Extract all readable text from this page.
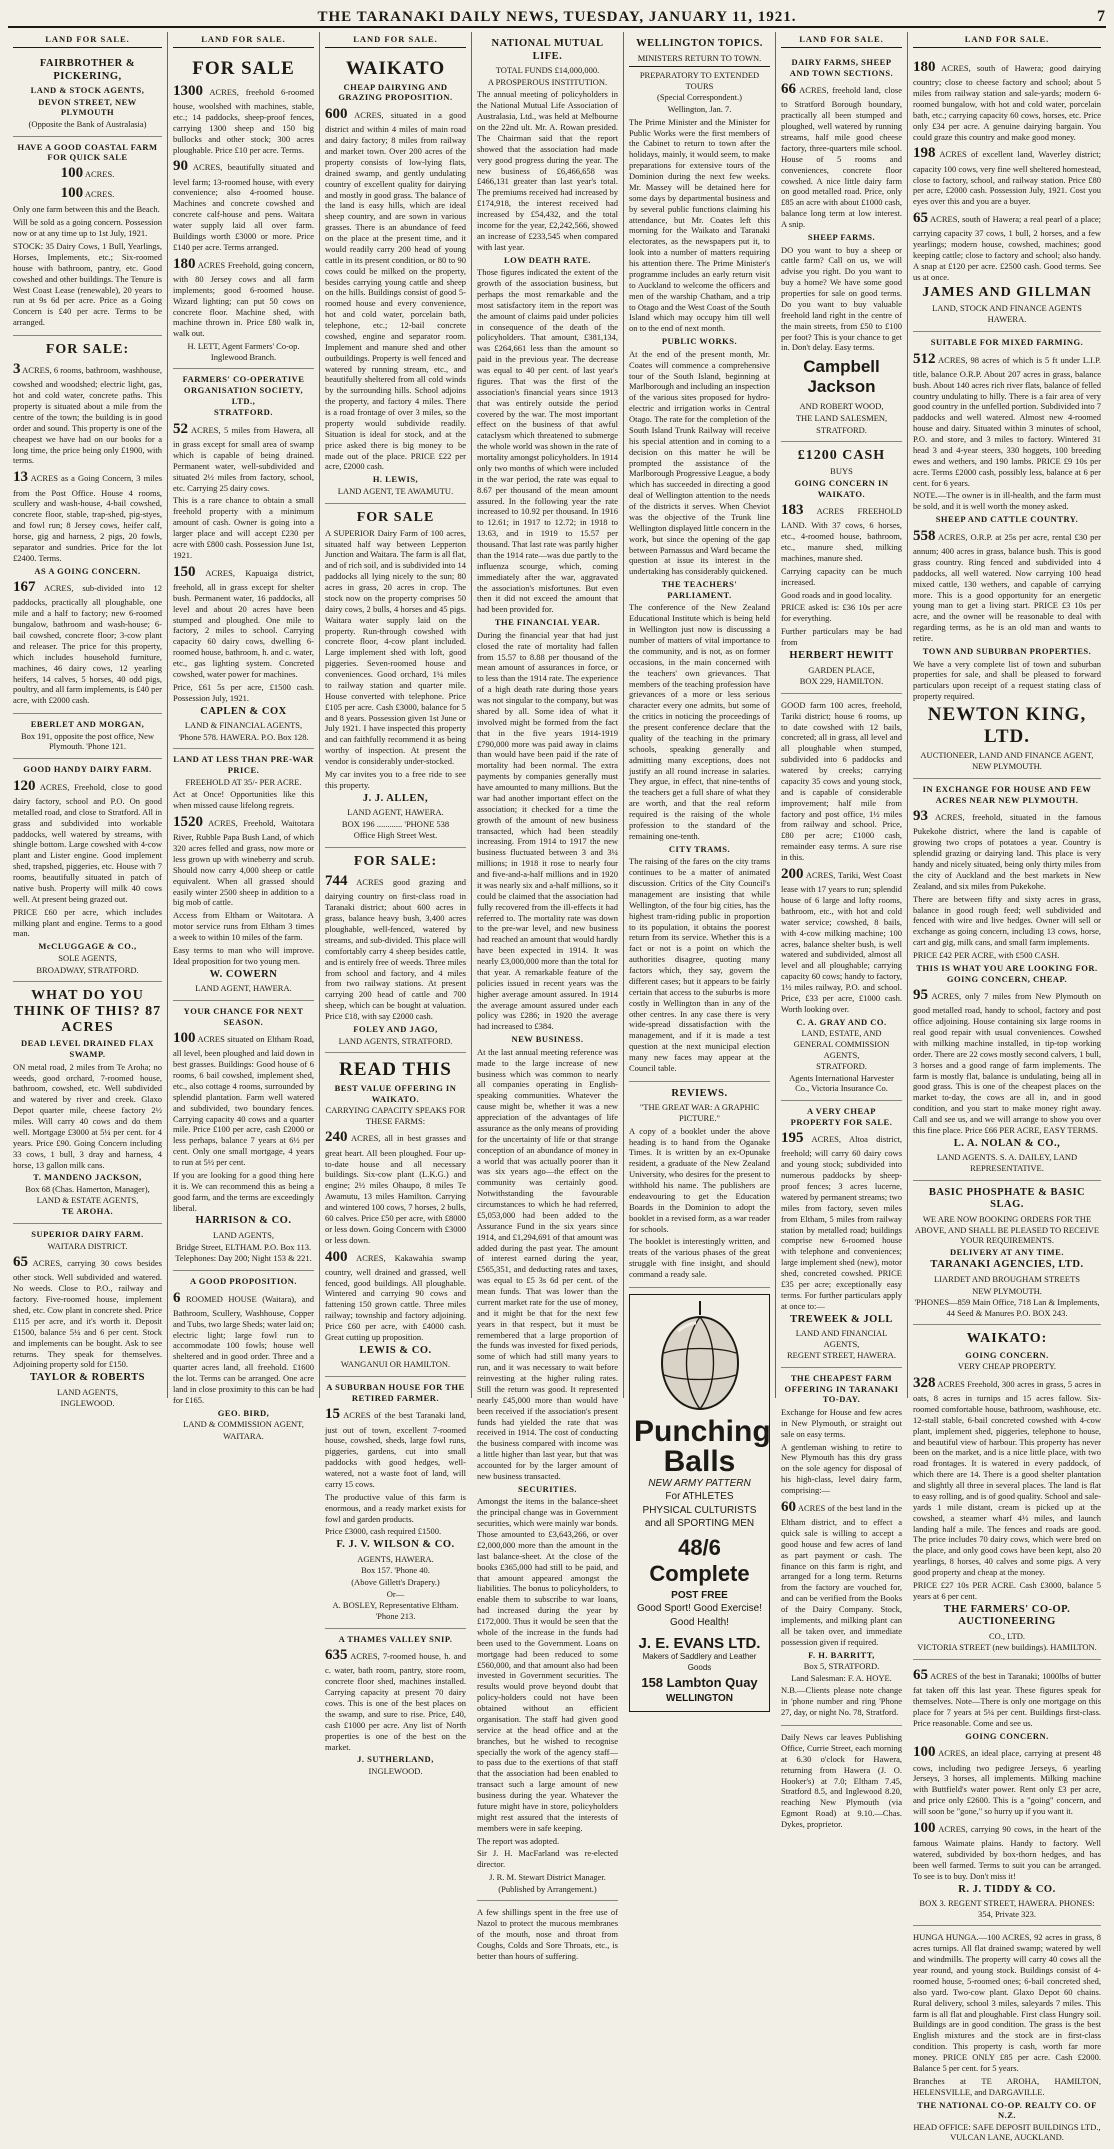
THE TARANAKI DAILY NEWS, TUESDAY, JANUARY 11, 1921.	7
LAND FOR SALE.
FAIRBROTHER & PICKERING,
LAND & STOCK AGENTS,
DEVON STREET, NEW PLYMOUTH
(Opposite the Bank of Australasia)
HAVE A GOOD COASTAL FARM FOR QUICK SALE
100 ACRES.
100 ACRES.
Only one farm between this and the Beach.
Will be sold as a going concern. Possession now or at any time up to 1st July, 1921.
STOCK: 35 Dairy Cows, 1 Bull, Yearlings, Horses, Implements, etc.; Six-roomed house with bathroom, pantry, etc. Good cowshed and other buildings. The Tenure is West Coast Lease (renewable), 20 years to run at 9s 6d per acre. Price as a Going Concern is £40 per acre. Terms to be arranged.
FOR SALE:
3 ACRES, 6 rooms, bathroom, washhouse, cowshed and woodshed; electric light, gas, hot and cold water, concrete paths. This property is situated about a mile from the centre of the town; the building is in good order and sound. This property is one of the cheapest we have had on our books for a long time, the price being only £1900, with terms.
13 ACRES as a Going Concern, 3 miles from the Post Office. House 4 rooms, scullery and wash-house, 4-bail cowshed, concrete floor, stable, trap-shed, pig-styes, and fowl run; 8 Jersey cows, heifer calf, horse, gig and harness, 2 pigs, 20 fowls, separator and sundries. Price for the lot £2400. Terms.
AS A GOING CONCERN.
167 ACRES, sub-divided into 12 paddocks, practically all ploughable, one mile and a half to factory; new 6-roomed bungalow, bathroom and wash-house; 6-bail cowshed, concrete floor; 3-cow plant and releaser. The price for this property, which includes household furniture, machines, 46 dairy cows, 12 yearling heifers, 14 calves, 5 horses, 40 odd pigs, poultry, and all farm implements, is £40 per acre, with £2000 cash.
EBERLET AND MORGAN,
Box 191, opposite the post office, New Plymouth. 'Phone 121.
GOOD HANDY DAIRY FARM.
120 ACRES, Freehold, close to good dairy factory, school and P.O. On good metalled road, and close to Stratford. All in grass and subdivided into workable paddocks, well watered by streams, with shingle bottom. Large cowshed with 4-cow plant and Lister engine. Good implement shed, trapshed, piggeries, etc. House with 7 rooms, beautifully situated in patch of native bush. Property will milk 40 cows well. At present being grazed out.
PRICE £60 per acre, which includes milking plant and engine. Terms to a good man.
McCLUGGAGE & CO.,
SOLE AGENTS,
BROADWAY, STRATFORD.
WHAT DO YOU THINK OF THIS? 87 ACRES
DEAD LEVEL DRAINED FLAX SWAMP.
ON metal road, 2 miles from Te Aroha; no weeds, good orchard, 7-roomed house, bathroom, cowshed, etc. Well subdivided and watered by river and creek. Glaxo Depot quarter mile, cheese factory 2½ miles. Will carry 40 cows and do them well. Mortgage £3000 at 5¼ per cent. for 4 years. Price £90. Going Concern including 33 cows, 1 bull, 3 dray and harness, 4 horse, 13 gallon milk cans.
T. MANDENO JACKSON,
Box 68 (Chas. Hamerton, Manager), LAND & ESTATE AGENTS,
TE AROHA.
SUPERIOR DAIRY FARM.
WAITARA DISTRICT.
65 ACRES, carrying 30 cows besides other stock. Well subdivided and watered. No weeds. Close to P.O., railway and factory. Five-roomed house, implement shed, etc. Cow plant in concrete shed. Price £115 per acre, and it's worth it. Deposit £1500, balance 5¼ and 6 per cent. Stock and implements can be bought. Ask to see returns. They speak for themselves. Adjoining property sold for £150.
TAYLOR & ROBERTS
LAND AGENTS,
INGLEWOOD.
LAND FOR SALE.
FOR SALE
1300 ACRES, freehold 6-roomed house, woolshed with machines, stable, etc.; 14 paddocks, sheep-proof fences, carrying 1300 sheep and 150 big bullocks and other stock; 300 acres ploughable. Price £10 per acre. Terms.
90 ACRES, beautifully situated and level farm; 13-roomed house, with every convenience; also 4-roomed house. Machines and concrete cowshed and concrete calf-house and pens. Waitara water supply laid all over farm. Buildings worth £3000 or more. Price £140 per acre. Terms arranged.
180 ACRES Freehold, going concern, with 80 Jersey cows and all farm implements; good 6-roomed house. Wizard lighting; can put 50 cows on concrete floor. Machine shed, with machine thrown in. Price £80 walk in, walk out.
H. LETT, Agent Farmers' Co-op. Inglewood Branch.
FARMERS' CO-OPERATIVE ORGANISATION SOCIETY, LTD.,
STRATFORD.
52 ACRES, 5 miles from Hawera, all in grass except for small area of swamp which is capable of being drained. Permanent water, well-subdivided and situated 2½ miles from factory, school, etc. Carrying 25 dairy cows.
This is a rare chance to obtain a small freehold property with a minimum amount of cash. Owner is going into a larger place and will accept £230 per acre with £800 cash. Possession June 1st, 1921.
150 ACRES, Kapuaiga district, freehold, all in grass except for shelter bush. Permanent water, 16 paddocks, all level and about 20 acres have been stumped and ploughed. One mile to factory, 2 miles to school. Carrying capacity 60 dairy cows, dwelling 6-roomed house, bathroom, h. and c. water, etc., gas lighting system. Concreted cowshed, water power for machines.
Price, £61 5s per acre, £1500 cash. Possession July, 1921.
CAPLEN & COX
LAND & FINANCIAL AGENTS,
'Phone 578. HAWERA. P.O. Box 128.
LAND AT LESS THAN PRE-WAR PRICE.
FREEHOLD AT 35/- PER ACRE.
Act at Once! Opportunities like this when missed cause lifelong regrets.
1520 ACRES, Freehold, Waitotara River, Rubble Papa Bush Land, of which 320 acres felled and grass, now more or less grown up with wineberry and scrub. Should now carry 4,000 sheep or cattle equivalent. When all grassed should easily winter 2500 sheep in addition to a big mob of cattle.
Access from Eltham or Waitotara. A motor service runs from Eltham 3 times a week to within 10 miles of the farm.
Easy terms to man who will improve. Ideal proposition for two young men.
W. COWERN
LAND AGENT, HAWERA.
YOUR CHANCE FOR NEXT SEASON.
100 ACRES situated on Eltham Road, all level, been ploughed and laid down in best grasses. Buildings: Good house of 6 rooms, 6 bail cowshed, implement shed, etc., also cottage 4 rooms, surrounded by splendid plantation. Farm well watered and subdivided, two boundary fences. Carrying capacity 40 cows and a quarter mile. Price £100 per acre, cash £2000 or less perhaps, balance 7 years at 6½ per cent. Only one small mortgage, 4 years to run at 5½ per cent.
If you are looking for a good thing here it is. We can recommend this as being a good farm, and the terms are exceedingly liberal.
HARRISON & CO.
LAND AGENTS,
Bridge Street, ELTHAM. P.O. Box 113.
Telephones: Day 200; Night 153 & 221.
A GOOD PROPOSITION.
6 ROOMED HOUSE (Waitara), and Bathroom, Scullery, Washhouse, Copper and Tubs, two large Sheds; water laid on; electric light; large fowl run to accommodate 100 fowls; house well sheltered and in good order. Three and a quarter acres land, all freehold. £1600 the lot. Terms can be arranged. One acre land in close proximity to this can be had for £165.
GEO. BIRD,
LAND & COMMISSION AGENT,
WAITARA.
LAND FOR SALE.
WAIKATO
CHEAP DAIRYING AND GRAZING PROPOSITION.
600 ACRES, situated in a good district and within 4 miles of main road and dairy factory; 8 miles from railway and market town. Over 200 acres of the property consists of low-lying flats, drained swamp, and gently undulating country of excellent quality for dairying and mostly in good grass. The balance of the land is easy hills, which are ideal sheep country, and are sown in various grasses. There is an abundance of feed on the place at the present time, and it would readily carry 200 head of young cattle in its present condition, or 80 to 90 cows could be milked on the property, besides carrying young cattle and sheep on the hills. Buildings consist of good 5-roomed house and every convenience, hot and cold water, porcelain bath, telephone, etc.; 12-bail concrete cowshed, engine and separator room. Implement and manure shed and other outbuildings. Property is well fenced and watered by running stream, etc., and beautifully sheltered from all cold winds by the surrounding hills. School adjoins the property, and factory 4 miles. There is a road frontage of over 3 miles, so the property would subdivide readily. Situation is ideal for stock, and at the price asked there is big money to be made out of the place. PRICE £22 per acre, £2000 cash.
H. LEWIS,
LAND AGENT, TE AWAMUTU.
FOR SALE
A SUPERIOR Dairy Farm of 100 acres, situated half way between Lepperton Junction and Waitara. The farm is all flat, and of rich soil, and is subdivided into 14 paddocks all lying nicely to the sun; 80 acres in grass, 20 acres in crop. The stock now on the property comprises 50 dairy cows, 2 bulls, 4 horses and 45 pigs. Waitara water supply laid on the property. Run-through cowshed with concrete floor, 4-cow plant included. Large implement shed with loft, good piggeries. Seven-roomed house and conveniences. Good orchard, 1¼ miles to railway station and quarter mile. House converted with telephone. Price £105 per acre. Cash £3000, balance for 5 and 8 years. Possession given 1st June or July 1921. I have inspected this property and can faithfully recommend it as being worthy of inspection. At present the vendor is considerably under-stocked.
My car invites you to a free ride to see this property.
J. J. ALLEN,
LAND AGENT, HAWERA.
BOX 196 ............ 'PHONE 538
Office High Street West.
FOR SALE:
744 ACRES good grazing and dairying country on first-class road in Taranaki district; about 600 acres in grass, balance heavy bush, 3,400 acres ploughable, well-fenced, watered by streams, and sub-divided. This place will comfortably carry 4 sheep besides cattle, and is entirely free of weeds. Three miles from school and factory, and 4 miles from two railway stations. At present carrying 200 head of cattle and 700 sheep, which can be bought at valuation. Price £18, with say £2000 cash.
FOLEY AND JAGO,
LAND AGENTS, STRATFORD.
READ THIS
BEST VALUE OFFERING IN WAIKATO.
CARRYING CAPACITY SPEAKS FOR THESE FARMS:
240 ACRES, all in best grasses and great heart. All been ploughed. Four up-to-date house and all necessary buildings. Six-cow plant (L.K.G.) and engine; 2½ miles Ohaupo, 8 miles Te Awamutu, 13 miles Hamilton. Carrying and wintered 100 cows, 7 horses, 2 bulls, 60 calves. Price £50 per acre, with £8000 or less down. Going Concern with £3000 or less down.
400 ACRES, Kakawahia swamp country, well drained and grassed, well fenced, good buildings. All ploughable. Wintered and carrying 90 cows and fattening 150 grown cattle. Three miles railway; township and factory adjoining. Price £60 per acre, with £4000 cash. Great cutting up proposition.
LEWIS & CO.
WANGANUI OR HAMILTON.
A SUBURBAN HOUSE FOR THE RETIRED FARMER.
15 ACRES of the best Taranaki land, just out of town, excellent 7-roomed house, cowshed, sheds, large fowl runs, piggeries, gardens, cut into small paddocks with good hedges, well-watered, not a waste foot of land, will carry 15 cows.
The productive value of this farm is enormous, and a ready market exists for fowl and garden products.
Price £3000, cash required £1500.
F. J. V. WILSON & CO.
AGENTS, HAWERA.
Box 157. 'Phone 40.
(Above Gillett's Drapery.)
Or—
A. BOSLEY, Representative Eltham. 'Phone 213.
A THAMES VALLEY SNIP.
635 ACRES, 7-roomed house, h. and c. water, bath room, pantry, store room, concrete floor shed, machines installed. Carrying capacity at present 70 dairy cows. This is one of the best places on the swamp, and sure to rise. Price, £40, cash £1000 per acre. Any list of North properties is one of the best on the market.
J. SUTHERLAND,
INGLEWOOD.
NATIONAL MUTUAL LIFE.
TOTAL FUNDS £14,000,000.
A PROSPEROUS INSTITUTION.
The annual meeting of policyholders in the National Mutual Life Association of Australasia, Ltd., was held at Melbourne on the 22nd ult. Mr. A. Rowan presided. The Chairman said that the report showed that the association had made very good progress during the year. The new business of £6,466,658 was £466,131 greater than last year's total. The premiums received had increased by £174,918, the interest received had increased by £54,432, and the total income for the year, £2,242,566, showed an increase of £233,545 when compared with last year.
LOW DEATH RATE.
Those figures indicated the extent of the growth of the association business, but perhaps the most remarkable and the most satisfactory item in the report was the amount of claims paid under policies in consequence of the death of the policyholders. That amount, £381,134, was £264,661 less than the amount so paid in the previous year. The decrease was equal to 40 per cent. of last year's figures. That was the first of the association's financial years since 1913 that was entirely outside the period covered by the war. The most important effect on the business of that awful cataclysm which threatened to submerge the whole world was shown in the rate of mortality amongst policyholders. In 1914 only two months of which were included in the war period, the rate was equal to 8.67 per thousand of the mean amount assured. In the following year the rate increased to 10.92 per thousand. In 1916 to 12.61; in 1917 to 12.72; in 1918 to 13.63, and in 1919 to 15.57 per thousand. That last rate was partly higher than the 1914 rate—was due partly to the influenza scourge, which, coming immediately after the war, aggravated the association's misfortunes. But even then it did not exceed the amount that had been provided for.
THE FINANCIAL YEAR.
During the financial year that had just closed the rate of mortality had fallen from 15.57 to 8.88 per thousand of the mean amount of assurances in force, or to less than the 1914 rate. The experience of a high death rate during those years was not singular to the company, but was shared by all. Some idea of what it involved might be formed from the fact that in the five years 1914-1919 £790,000 more was paid away in claims than would have been paid if the rate of mortality had been normal. The extra payments by companies generally must have amounted to many millions. But the war had another important effect on the association; it checked for a time the growth of the amount of new business transacted, which had been steadily increasing. From 1914 to 1917 the new business fluctuated between 3 and 3¼ millions; in 1918 it rose to nearly four and five-and-a-half millions and in 1920 it was nearly six and a-half millions, so it could be claimed that the association had fully recovered from the ill-effects it had referred to. The mortality rate was down to the pre-war level, and new business had reached an amount that would hardly have been expected in 1914. It was nearly £3,000,000 more than the total for that year. A remarkable feature of the policies issued in recent years was the higher average amount assured. In 1914 the average amount assured under each policy was £286; in 1920 the average had increased to £384.
NEW BUSINESS.
At the last annual meeting reference was made to the large increase of new business which was common to nearly all companies operating in English-speaking communities. Whatever the cause might be, whether it was a new appreciation of the advantages of life assurance as the only means of providing for the uncertainty of life or that strange conception of an abundance of money in a world that was actually poorer than it was six years ago—the effect on the community was certainly good. Notwithstanding the favourable circumstances to which he had referred, £5,053,000 had been added to the Assurance Fund in the six years since 1914, and £1,294,691 of that amount was added during the past year. The amount of interest earned during the year, £565,351, and deducting rates and taxes, was equal to £5 3s 6d per cent. of the mean funds. That was lower than the current market rate for the use of money, and it might be that for the next few years in that respect, but it must be remembered that a large proportion of the funds was invested for fixed periods, some of which had still many years to run, and it was necessary to wait before reinvesting at the higher ruling rates. Still the return was good. It represented nearly £45,000 more than would have been received if the association's present funds had yielded the rate that was received in 1914. The cost of conducting the business compared with income was a little higher than last year, but that was accounted for by the larger amount of new business transacted.
SECURITIES.
Amongst the items in the balance-sheet the principal change was in Government securities, which were mainly war bonds. Those amounted to £3,643,266, or over £2,000,000 more than the amount in the last balance-sheet. At the close of the books £365,000 had still to be paid, and that amount appeared amongst the liabilities. The bonus to policyholders, to enable them to subscribe to war loans, had increased during the year by £172,000. Thus it would be seen that the whole of the increase in the funds had been used to the Government. Loans on mortgage had been reduced to some £560,000, and that amount also had been invested in Government securities. The results would prove beyond doubt that policy-holders could not have been obtained without an efficient organisation. The staff had given good service at the head office and at the branches, but he wished to recognise specially the work of the agency staff—to pass due to the exertions of that staff that the association had been enabled to transact such a large amount of new business during the year. Whatever the future might have in store, policyholders might rest assured that the interests of members were in safe keeping.
The report was adopted.
Sir J. H. MacFarland was re-elected director.
J. R. M. Stewart District Manager.
(Published by Arrangement.)
A few shillings spent in the free use of Nazol to protect the mucous membranes of the mouth, nose and throat from Coughs, Colds and Sore Throats, etc., is better than hours of suffering.
WELLINGTON TOPICS.
MINISTERS RETURN TO TOWN.
PREPARATORY TO EXTENDED TOURS
(Special Correspondent.)
Wellington, Jan. 7.
The Prime Minister and the Minister for Public Works were the first members of the Cabinet to return to town after the holidays, mainly, it would seem, to make preparations for extensive tours of the Dominion during the next few weeks. Mr. Massey will be detained here for some days by departmental business and by several public functions claiming his attendance, but Mr. Coates left this morning for the Waikato and Taranaki electorates, as the newspapers put it, to look into a number of matters requiring his attention there. The Prime Minister's programme includes an early return visit to Auckland to welcome the officers and men of the warship Chatham, and a trip to Otago and the West Coast of the South Island which may occupy him till well on to the end of next month.
PUBLIC WORKS.
At the end of the present month, Mr. Coates will commence a comprehensive tour of the South Island, beginning at Marlborough and including an inspection of the various sites proposed for hydro-electric and irrigation works in Central Otago. The rate for the completion of the South Island Trunk Railway will receive his special attention and in coming to a decision on this matter he will be prompted the assistance of the Marlborough Progressive League, a body which has succeeded in directing a good deal of Wellington attention to the needs of the districts it serves. When Cheviot was the objective of the Trunk line Wellington displayed little concern in the work, but since the opening of the gap between Parnassus and Ward became the question at issue its interest in the undertaking has considerably quickened.
THE TEACHERS' PARLIAMENT.
The conference of the New Zealand Educational Institute which is being held in Wellington just now is discussing a number of matters of vital importance to the community, and is not, as on former occasions, in the main concerned with the teachers' own grievances. That members of the teaching profession have grievances of a more or less serious character every one admits, but some of the critics in noticing the proceedings of the present conference declare that the quality of the teaching in the primary schools, speaking generally and admitting many exceptions, does not justify an all round increase in salaries. They argue, in effect, that nine-tenths of the teachers get a full share of what they are worth, and that the real reform required is the raising of the whole profession to the standard of the remaining one-tenth.
CITY TRAMS.
The raising of the fares on the city trams continues to be a matter of animated discussion. Critics of the City Council's management are insisting that while Wellington, of the four big cities, has the highest tram-riding public in proportion to its population, it obtains the poorest return from its service. Whether this is a fact or not is a point on which the authorities disagree, quoting many factors which, they say, govern the different cases; but it appears to be fairly certain that access to the suburbs is more costly in Wellington than in any of the other centres. In any case there is very wide-spread dissatisfaction with the management, and if it is made a test question at the next municipal election many new faces may appear at the Council table.
REVIEWS.
"THE GREAT WAR: A GRAPHIC PICTURE."
A copy of a booklet under the above heading is to hand from the Oganake Times. It is written by an ex-Opunake resident, a graduate of the New Zealand University, who desires for the present to withhold his name. The publishers are endeavouring to get the Education Boards in the Dominion to adopt the booklet in a revised form, as a war reader for schools.
The booklet is interestingly written, and treats of the various phases of the great struggle with fine insight, and should command a ready sale.
Punching Balls
NEW ARMY PATTERN
For ATHLETES
PHYSICAL CULTURISTS
and all SPORTING MEN
48/6 Complete
POST FREE
Good Sport! Good Exercise! Good Health!
J. E. EVANS LTD.
Makers of Saddlery and Leather Goods
158 Lambton Quay
WELLINGTON
LAND FOR SALE.
DAIRY FARMS, SHEEP AND TOWN SECTIONS.
66 ACRES, freehold land, close to Stratford Borough boundary, practically all been stumped and ploughed, well watered by running streams, half mile good cheese factory, three-quarters mile school. House of 5 rooms and conveniences, concrete floor cowshed. A nice little dairy farm on good metalled road. Price, only £85 an acre with about £1000 cash, balance long term at low interest. A snip.
SHEEP FARMS.
DO you want to buy a sheep or cattle farm? Call on us, we will advise you right. Do you want to buy a home? We have some good properties for sale on good terms. Do you want to buy valuable freehold land right in the centre of the main streets, from £50 to £100 per foot? This is your chance to get in. Don't delay. Easy terms.
Campbell Jackson
AND ROBERT WOOD,
THE LAND SALESMEN,
STRATFORD.
£1200 CASH
BUYS
GOING CONCERN IN WAIKATO.
183 ACRES FREEHOLD LAND. With 37 cows, 6 horses, etc., 4-roomed house, bathroom, etc., manure shed, milking machines, manure shed.
Carrying capacity can be much increased.
Good roads and in good locality.
PRICE asked is: £36 10s per acre for everything.
Further particulars may be had from
HERBERT HEWITT
GARDEN PLACE,
BOX 229, HAMILTON.
GOOD farm 100 acres, freehold, Tariki district; house 6 rooms, up to date cowshed with 12 bails, concreted; all in grass, all level and all ploughable when stumped, subdivided into 6 paddocks and watered by creeks; carrying capacity 35 cows and young stock, and is capable of considerable improvement; half mile from factory and post office, 1½ miles from railway and school. Price, £80 per acre; £1000 cash, remainder easy terms. A sure rise in this.
200 ACRES, Tariki, West Coast lease with 17 years to run; splendid house of 6 large and lofty rooms, bathroom, etc., with hot and cold water service; cowshed, 8 bails, with 4-cow milking machine; 100 acres, balance shelter bush, is well watered and subdivided, almost all level and all ploughable; carrying capacity 60 cows; handy to factory, 1½ miles railway, P.O. and school. Price, £33 per acre, £1000 cash. Worth looking over.
C. A. GRAY AND CO.
LAND, ESTATE, AND GENERAL COMMISSION AGENTS,
STRATFORD.
Agents International Harvester Co., Victoria Insurance Co.
A VERY CHEAP PROPERTY FOR SALE.
195 ACRES, Altoa district, freehold; will carry 60 dairy cows and young stock; subdivided into numerous paddocks by sheep-proof fences; 3 acres lucerne, watered by permanent streams; two miles from factory, seven miles from Eltham, 5 miles from railway station by metalled road; buildings comprise new 6-roomed house with telephone and conveniences; large implement shed (new), motor shed, concreted cowshed. PRICE £35 per acre; exceptionally easy terms. For further particulars apply at once to:—
TREWEEK & JOLL
LAND AND FINANCIAL AGENTS,
REGENT STREET, HAWERA.
THE CHEAPEST FARM OFFERING IN TARANAKI TO-DAY.
Exchange for House and few acres in New Plymouth, or straight out sale on easy terms.
A gentleman wishing to retire to New Plymouth has this dry grass on the sole agency for disposal of his high-class, level dairy farm, comprising:—
60 ACRES of the best land in the Eltham district, and to effect a quick sale is willing to accept a good house and few acres of land as part payment or cash. The finance on this farm is right, and arranged for a long term. Returns from the factory are vouched for, and can be verified from the Books of the Dairy Company. Stock, implements, and milking plant can all be taken over, and immediate possession given if required.
F. H. BARRITT,
Box 5, STRATFORD.
Land Salesman: F. A. HOYE.
N.B.—Clients please note change in 'phone number and ring 'Phone 27, day, or night No. 78, Stratford.
Daily News car leaves Publishing Office, Currie Street, each morning at 6.30 o'clock for Hawera, returning from Hawera (J. O. Hooker's) at 7.0; Eltham 7.45, Stratford 8.5, and Inglewood 8.20, reaching New Plymouth (via Egmont Road) at 9.10.—Chas. Dykes, proprietor.
LAND FOR SALE.
180 ACRES, south of Hawera; good dairying country; close to cheese factory and school; about 5 miles from railway station and sale-yards; modern 6-roomed bungalow, with hot and cold water, porcelain bath, etc.; carrying capacity 60 cows, horses, etc. Price only £34 per acre. A genuine dairying bargain. You could graze this country and make good money.
198 ACRES of excellent land, Waverley district; capacity 100 cows, very fine well sheltered homestead, close to factory, school, and railway station. Price £80 per acre, £2000 cash. Possession July, 1921. Cost you eyes over this and you are a buyer.
65 ACRES, south of Hawera; a real pearl of a place; carrying capacity 37 cows, 1 bull, 2 horses, and a few yearlings; modern house, cowshed, machines; good keeping cattle; close to factory and school; also handy. A snap at £120 per acre. £2500 cash. Good terms. See us at once.
JAMES AND GILLMAN
LAND, STOCK AND FINANCE AGENTS
HAWERA.
SUITABLE FOR MIXED FARMING.
512 ACRES, 98 acres of which is 5 ft under L.I.P. title, balance O.R.P. About 207 acres in grass, balance bush. About 140 acres rich river flats, balance of felled country undulating to hilly. There is a fair area of very good country in the unfelled portion. Subdivided into 7 paddocks and well watered. Almost new 4-roomed house and dairy. Situated within 3 minutes of school, P.O. and store, and 3 miles to factory. Wintered 31 head 3 and 4-year steers, 330 hoggets, 100 breeding ewes and wethers, and 190 lambs. PRICE £9 10s per acre. Terms £2000 cash, possibly less, balance at 6 per cent. for 6 years.
NOTE.—The owner is in ill-health, and the farm must be sold, and it is well worth the money asked.
SHEEP AND CATTLE COUNTRY.
558 ACRES, O.R.P. at 25s per acre, rental £30 per annum; 400 acres in grass, balance bush. This is good grass country. Ring fenced and subdivided into 4 paddocks, all well watered. Now carrying 100 head mixed cattle, 130 wethers, and capable of carrying more. This is a good opportunity for an energetic young man to get a living start. PRICE £3 10s per acre, and the owner will be reasonable to deal with regarding terms, as he is an old man and wants to retire.
TOWN AND SUBURBAN PROPERTIES.
We have a very complete list of town and suburban properties for sale, and shall be pleased to forward particulars upon receipt of a request stating class of property required.
NEWTON KING, LTD.
AUCTIONEER, LAND AND FINANCE AGENT,
NEW PLYMOUTH.
IN EXCHANGE FOR HOUSE AND FEW ACRES NEAR NEW PLYMOUTH.
93 ACRES, freehold, situated in the famous Pukekohe district, where the land is capable of growing two crops of potatoes a year. Country is splendid grazing or dairying land. This place is very handy and nicely situated, being only thirty miles from the city of Auckland and the best markets in New Zealand, and six miles from Pukekohe.
There are between fifty and sixty acres in grass, balance in good rough feed; well subdivided and fenced with wire and live hedges. Owner will sell or exchange as going concern, including 13 cows, horse, cart and gig, milk cans, and small farm implements.
PRICE £42 PER ACRE, with £500 CASH.
THIS IS WHAT YOU ARE LOOKING FOR. GOING CONCERN, CHEAP.
95 ACRES, only 7 miles from New Plymouth on good metalled road, handy to school, factory and post office adjoining. House containing six large rooms in real good repair with usual conveniences. Cowshed with milking machine installed, in tip-top working order. There are 22 cows mostly second calvers, 1 bull, 3 horses and a good range of farm implements. The farm is mostly flat, balance is undulating, being all in good grass. This is one of the cheapest places on the market to-day, the cows are all in, and in good condition, and you start to make money right away. Call and see us, and we will arrange to show you over this fine place. Price £66 PER ACRE, EASY TERMS.
L. A. NOLAN & CO.,
LAND AGENTS. S. A. DAILEY, LAND REPRESENTATIVE.
BASIC PHOSPHATE & BASIC SLAG.
WE ARE NOW BOOKING ORDERS FOR THE ABOVE, AND SHALL BE PLEASED TO RECEIVE YOUR REQUIREMENTS.
DELIVERY AT ANY TIME.
TARANAKI AGENCIES, LTD.
LIARDET AND BROUGHAM STREETS
NEW PLYMOUTH.
'PHONES—859 Main Office, 718 Lan & Implements, 44 Seed & Manures P.O. BOX 243.
WAIKATO:
GOING CONCERN.
VERY CHEAP PROPERTY.
328 ACRES Freehold, 300 acres in grass, 5 acres in oats, 8 acres in turnips and 15 acres fallow. Six-roomed comfortable house, bathroom, washhouse, etc. 12-stall stable, 6-bail concreted cowshed with 4-cow plant, implement shed, piggeries, telephone to house, and beautiful view of harbour. This property has never been on the market, and is a nice little place, with two road frontages. It is watered in every paddock, of which there are 14. There is a good shelter plantation and slightly all three in several places. The land is flat to easy rolling, and is of good quality. School and sale-yards 1 mile distant, cream is picked up at the cowshed, a steamer wharf 4½ miles, and launch landing half a mile. The fences and roads are good. The price includes 70 dairy cows, which were bred on the place, and only good cows have been kept, also 20 yearlings, 8 horses, 40 calves and some pigs. A very good property and cheap at the money.
PRICE £27 10s PER ACRE. Cash £3000, balance 5 years at 6 per cent.
THE FARMERS' CO-OP. AUCTIONEERING
CO., LTD.
VICTORIA STREET (new buildings). HAMILTON.
65 ACRES of the best in Taranaki; 1000lbs of butter fat taken off this last year. These figures speak for themselves. Note—There is only one mortgage on this place for 7 years at 5¼ per cent. Buildings first-class. Price reasonable. Come and see us.
GOING CONCERN.
100 ACRES, an ideal place, carrying at present 48 cows, including two pedigree Jerseys, 6 yearling Jerseys, 3 horses, all implements. Milking machine with Buttfield's water power. Rent only £3 per acre, and price only £2600. This is a "going" concern, and will soon be "gone," so hurry up if you want it.
100 ACRES, carrying 90 cows, in the heart of the famous Waimate plains. Handy to factory. Well watered, subdivided by box-thorn hedges, and has been well farmed. Terms to suit you can be arranged. To see is to buy. Don't miss it!
R. J. TIDDY & CO.
BOX 3. REGENT STREET, HAWERA. PHONES: 354, Private 323.
HUNGA HUNGA.—100 ACRES, 92 acres in grass, 8 acres turnips. All flat drained swamp; watered by well and windmills. The property will carry 40 cows all the year round, and young stock. Buildings consist of 4-roomed house, 5-roomed ones; 6-bail concreted shed, also yard. Two-cow plant. Glaxo Depot 60 chains. Rural delivery, school 3 miles, saleyards 7 miles. This farm is all flat and ploughable. First class Hungry soil. Buildings are in good condition. The grass is the best English mixtures and the stock are in first-class condition. This property is cash, worth far more money. PRICE ONLY £85 per acre. Cash £2000. Balance 5 per cent. for 5 years.
Branches at TE AROHA, HAMILTON, HELENSVILLE, and DARGAVILLE.
THE NATIONAL CO-OP. REALTY CO. OF N.Z.
HEAD OFFICE: SAFE DEPOSIT BUILDINGS LTD., VULCAN LANE, AUCKLAND.
